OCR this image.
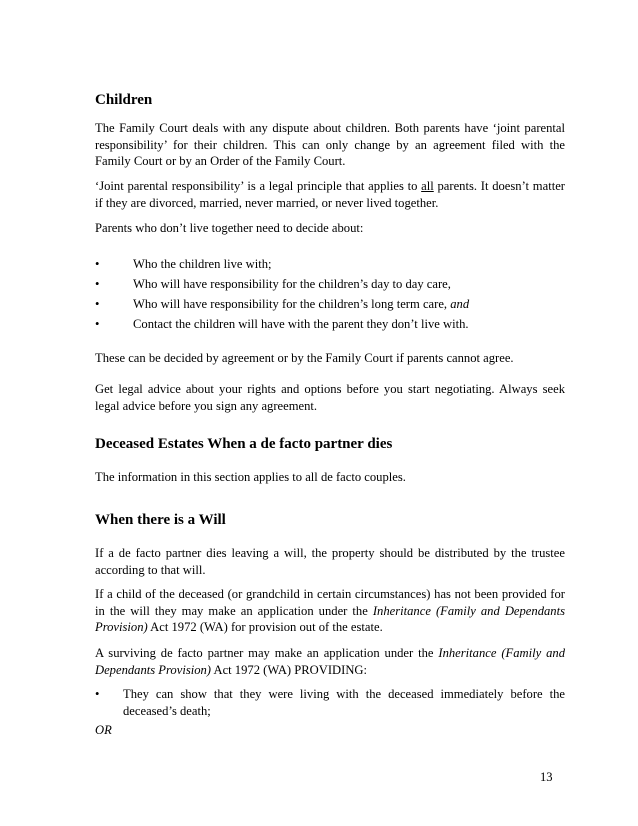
Children
The Family Court deals with any dispute about children. Both parents have ‘joint parental
responsibility’ for their children. This can only change by an agreement filed with the
Family Court or by an Order of the Family Court.
‘Joint parental responsibility’ is a legal principle that applies to all parents. It doesn’t matter
if they are divorced, married, never married, or never lived together.
Parents who don’t live together need to decide about:
•	Who the children live with;
•	Who will have responsibility for the children’s day to day care,
•	Who will have responsibility for the children’s long term care, and
•	Contact the children will have with the parent they don’t live with.
These can be decided by agreement or by the Family Court if parents cannot agree.
Get legal advice about your rights and options before you start negotiating. Always seek
legal advice before you sign any agreement.
Deceased Estates When a de facto partner dies
The information in this section applies to all de facto couples.
When there is a Will
If a de facto partner dies leaving a will, the property should be distributed by the trustee
according to that will.
If a child of the deceased (or grandchild in certain circumstances) has not been provided for
in the will they may make an application under the Inheritance (Family and Dependants
Provision) Act 1972 (WA) for provision out of the estate.
A surviving de facto partner may make an application under the Inheritance (Family and
Dependants Provision) Act 1972 (WA) PROVIDING:
• They can show that they were living with the deceased immediately before the
deceased’s death;
OR
13
